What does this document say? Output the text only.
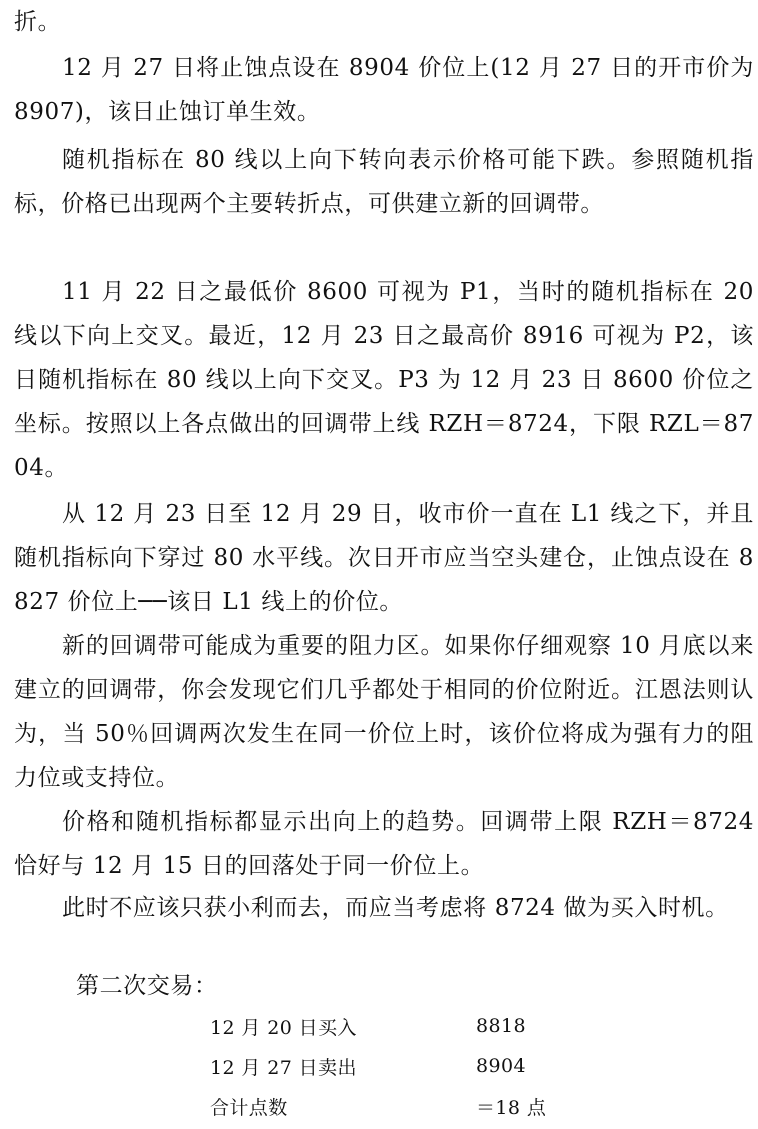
折。

12 月 27 日将止蚀点设在 8904 价位上(12 月 27 日的开市价为 8907)，该日止蚀订单生效。

随机指标在 80 线以上向下转向表示价格可能下跌。参照随机指标，价格已出现两个主要转折点，可供建立新的回调带。

11 月 22 日之最低价 8600 可视为 P1，当时的随机指标在 20 线以下向上交叉。最近，12 月 23 日之最高价 8916 可视为 P2，该日随机指标在 80 线以上向下交叉。P3 为 12 月 23 日 8600 价位之坐标。按照以上各点做出的回调带上线 RZH＝8724，下限 RZL＝8704。

从 12 月 23 日至 12 月 29 日，收市价一直在 L1 线之下，并且随机指标向下穿过 80 水平线。次日开市应当空头建仓，止蚀点设在 8827 价位上──该日 L1 线上的价位。

新的回调带可能成为重要的阻力区。如果你仔细观察 10 月底以来建立的回调带，你会发现它们几乎都处于相同的价位附近。江恩法则认为，当 50％回调两次发生在同一价位上时，该价位将成为强有力的阻力位或支持位。

价格和随机指标都显示出向上的趋势。回调带上限 RZH＝8724 恰好与 12 月 15 日的回落处于同一价位上。

此时不应该只获小利而去，而应当考虑将 8724 做为买入时机。

第二次交易：

12 月 20 日买入	8818
12 月 27 日卖出	8904
合计点数	＝18 点
